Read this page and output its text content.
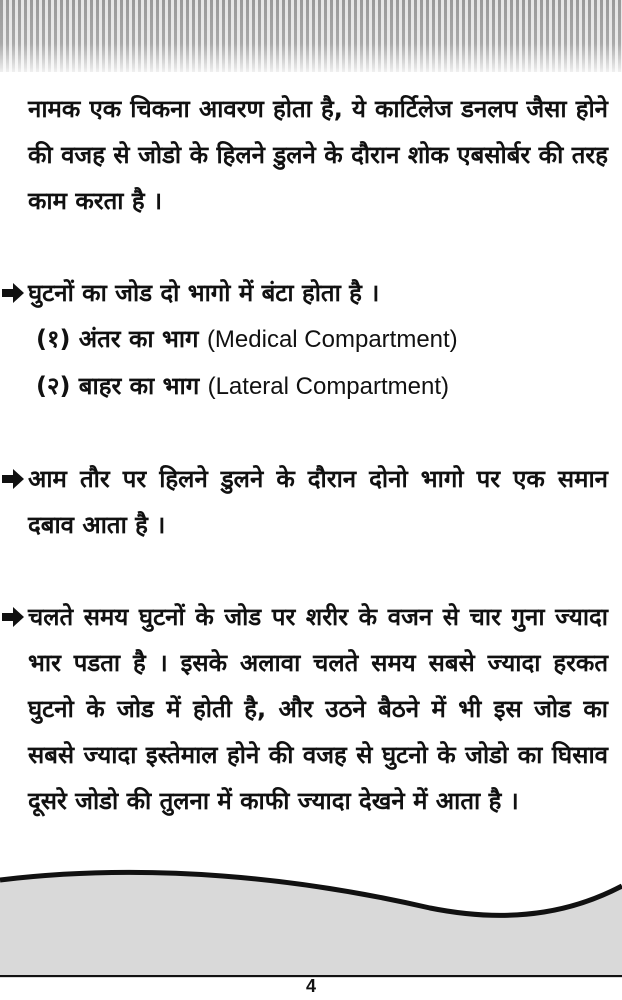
नामक एक चिकना आवरण होता है, ये कार्टिलेज डनलप जैसा होने की वजह से जोडो के हिलने डुलने के दौरान शोक एबसोर्बर की तरह काम करता है ।

घुटनों का जोड दो भागो में बंटा होता है ।

(१) अंतर का भाग (Medical Compartment)

(२) बाहर का भाग (Lateral Compartment)

आम तौर पर हिलने डुलने के दौरान दोनो भागो पर एक समान दबाव आता है ।

चलते समय घुटनों के जोड पर शरीर के वजन से चार गुना ज्यादा भार पडता है । इसके अलावा चलते समय सबसे ज्यादा हरकत घुटनो के जोड में होती है, और उठने बैठने में भी इस जोड का सबसे ज्यादा इस्तेमाल होने की वजह से घुटनो के जोडो का घिसाव दूसरे जोडो की तुलना में काफी ज्यादा देखने में आता है ।

4
